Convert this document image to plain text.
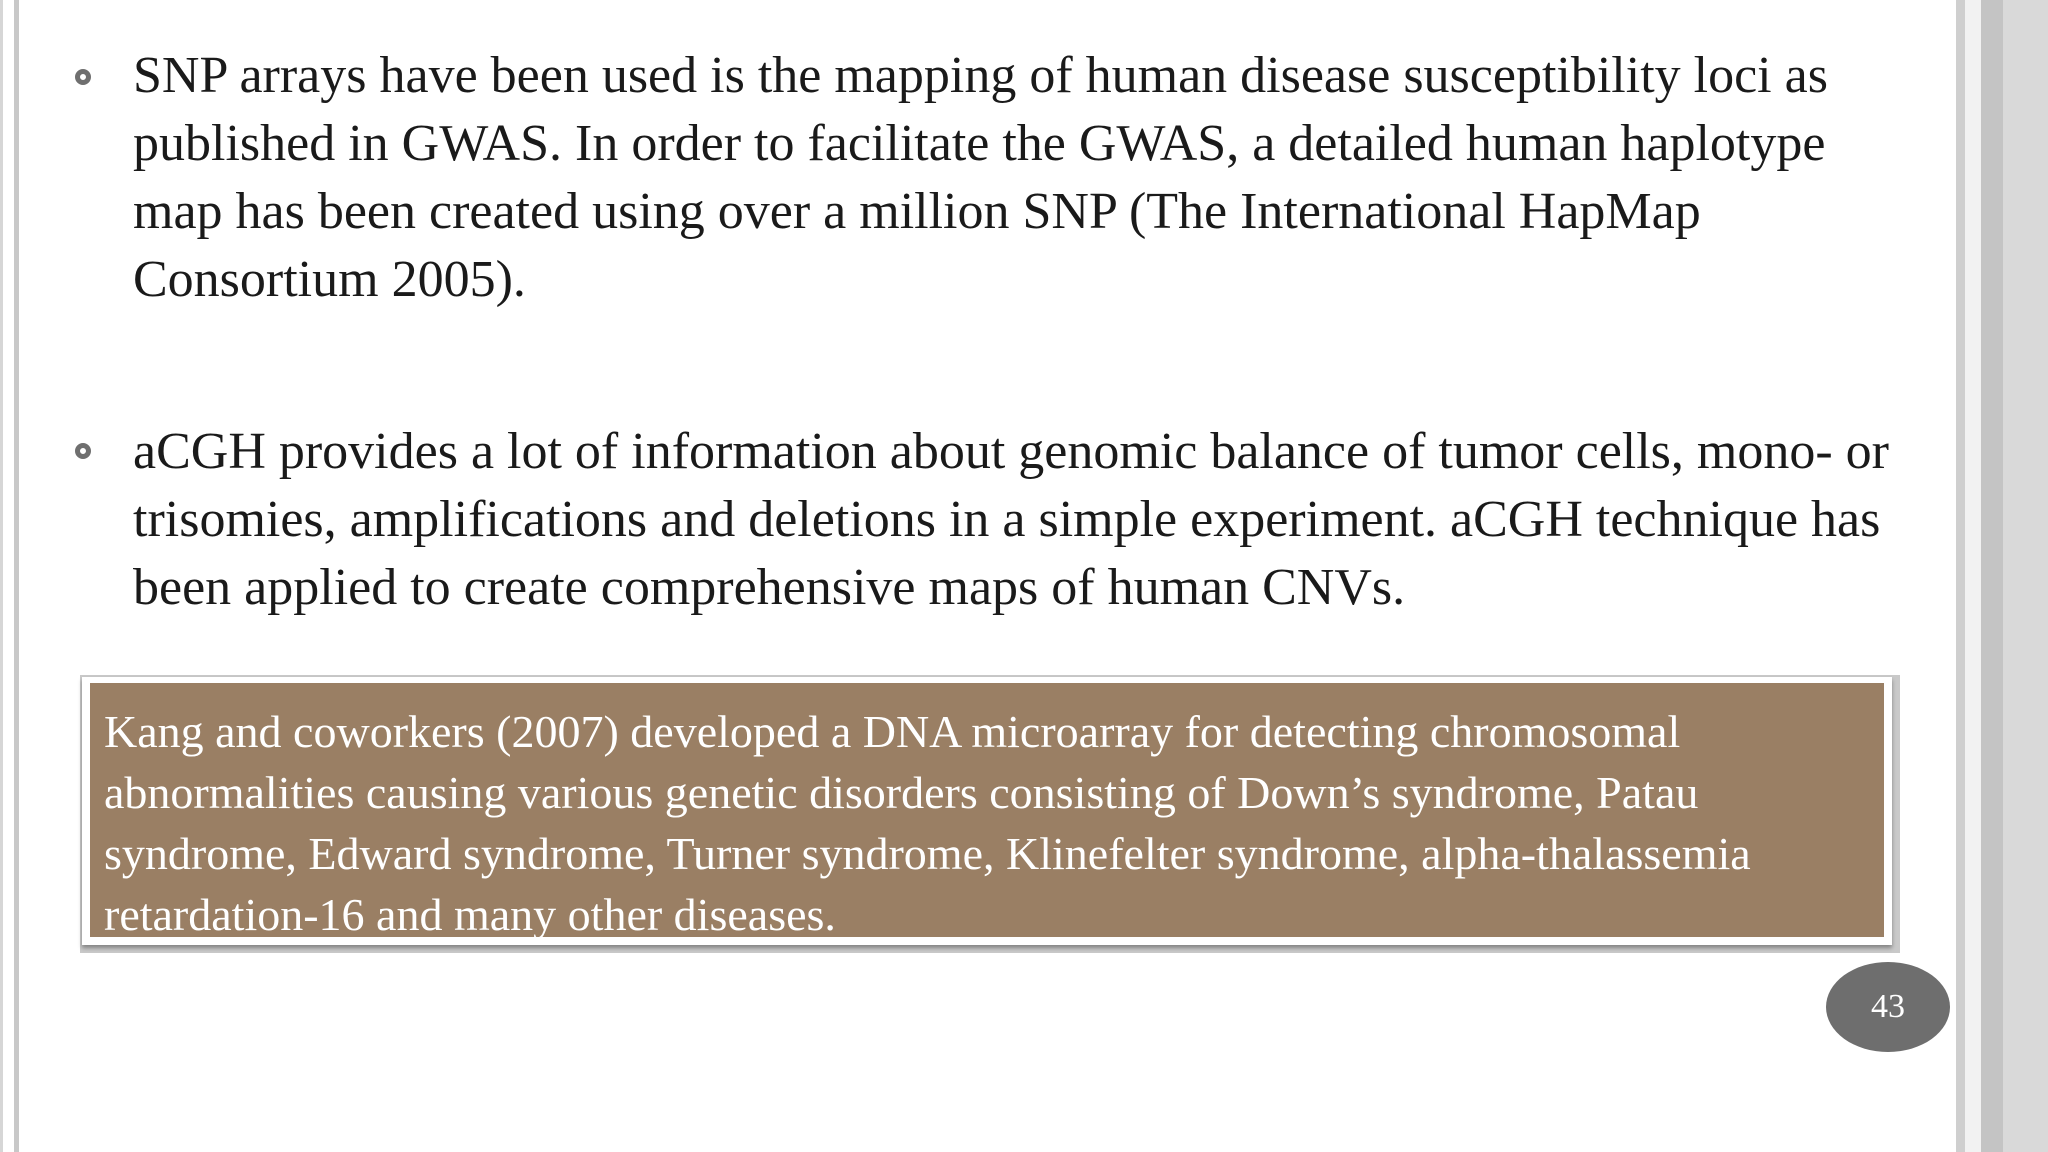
SNP arrays have been used is the mapping of human disease susceptibility loci as published in GWAS. In order to facilitate the GWAS, a detailed human haplotype map has been created using over a million SNP (The International HapMap Consortium 2005).

aCGH provides a lot of information about genomic balance of tumor cells, mono- or trisomies, amplifications and deletions in a simple experiment. aCGH technique has been applied to create comprehensive maps of human CNVs.

Kang and coworkers (2007) developed a DNA microarray for detecting chromosomal abnormalities causing various genetic disorders consisting of Down’s syndrome, Patau syndrome, Edward syndrome, Turner syndrome, Klinefelter syndrome, alpha-thalassemia retardation-16 and many other diseases.
43
